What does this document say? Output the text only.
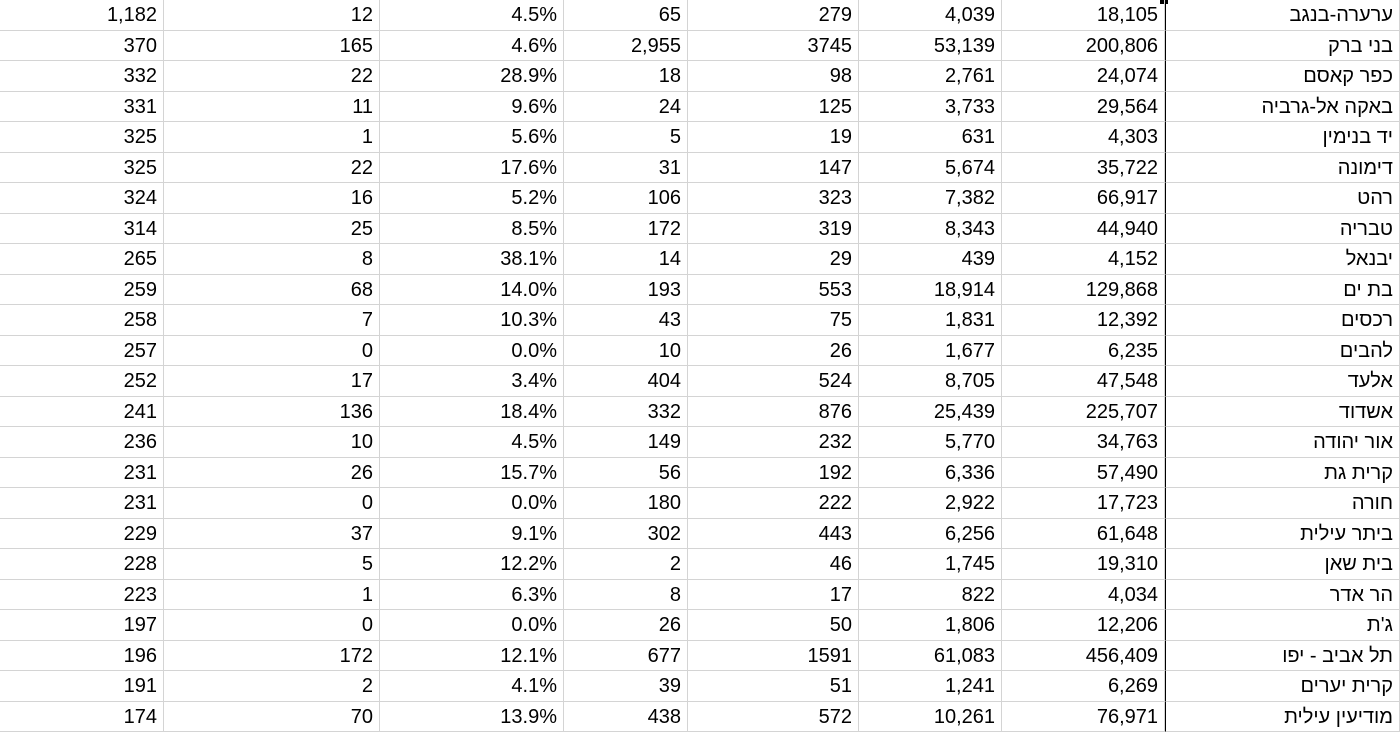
1,182	12	4.5%	65	279	4,039	18,105	ערערה-בנגב
370	165	4.6%	2,955	3745	53,139	200,806	בני ברק
332	22	28.9%	18	98	2,761	24,074	כפר קאסם
331	11	9.6%	24	125	3,733	29,564	באקה אל-גרביה
325	1	5.6%	5	19	631	4,303	יד בנימין
325	22	17.6%	31	147	5,674	35,722	דימונה
324	16	5.2%	106	323	7,382	66,917	רהט
314	25	8.5%	172	319	8,343	44,940	טבריה
265	8	38.1%	14	29	439	4,152	יבנאל
259	68	14.0%	193	553	18,914	129,868	בת ים
258	7	10.3%	43	75	1,831	12,392	רכסים
257	0	0.0%	10	26	1,677	6,235	להבים
252	17	3.4%	404	524	8,705	47,548	אלעד
241	136	18.4%	332	876	25,439	225,707	אשדוד
236	10	4.5%	149	232	5,770	34,763	אור יהודה
231	26	15.7%	56	192	6,336	57,490	קרית גת
231	0	0.0%	180	222	2,922	17,723	חורה
229	37	9.1%	302	443	6,256	61,648	ביתר עילית
228	5	12.2%	2	46	1,745	19,310	בית שאן
223	1	6.3%	8	17	822	4,034	הר אדר
197	0	0.0%	26	50	1,806	12,206	ג'ת
196	172	12.1%	677	1591	61,083	456,409	תל אביב - יפו
191	2	4.1%	39	51	1,241	6,269	קרית יערים
174	70	13.9%	438	572	10,261	76,971	מודיעין עילית
